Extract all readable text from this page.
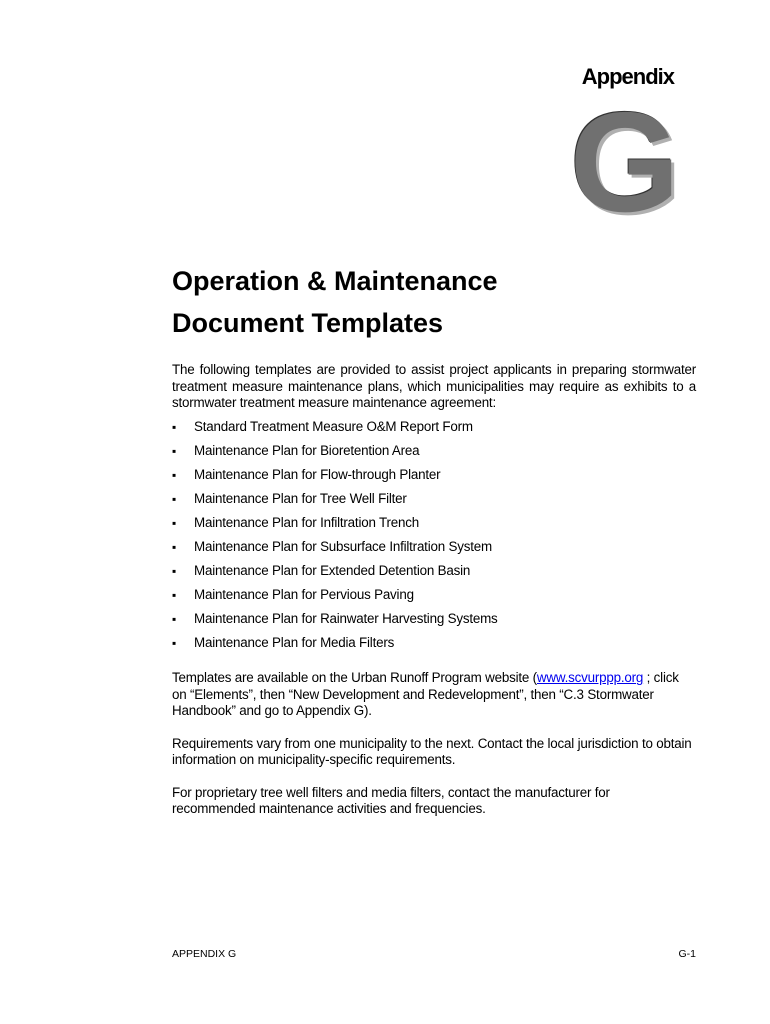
Appendix
G
Operation & Maintenance
Document Templates

The following templates are provided to assist project applicants in preparing stormwater treatment measure maintenance plans, which municipalities may require as exhibits to a stormwater treatment measure maintenance agreement:

▪ Standard Treatment Measure O&M Report Form
▪ Maintenance Plan for Bioretention Area
▪ Maintenance Plan for Flow-through Planter
▪ Maintenance Plan for Tree Well Filter
▪ Maintenance Plan for Infiltration Trench
▪ Maintenance Plan for Subsurface Infiltration System
▪ Maintenance Plan for Extended Detention Basin
▪ Maintenance Plan for Pervious Paving
▪ Maintenance Plan for Rainwater Harvesting Systems
▪ Maintenance Plan for Media Filters

Templates are available on the Urban Runoff Program website (www.scvurppp.org ; click on “Elements”, then “New Development and Redevelopment”, then “C.3 Stormwater Handbook” and go to Appendix G).

Requirements vary from one municipality to the next. Contact the local jurisdiction to obtain information on municipality-specific requirements.

For proprietary tree well filters and media filters, contact the manufacturer for recommended maintenance activities and frequencies.

APPENDIX G	G-1
